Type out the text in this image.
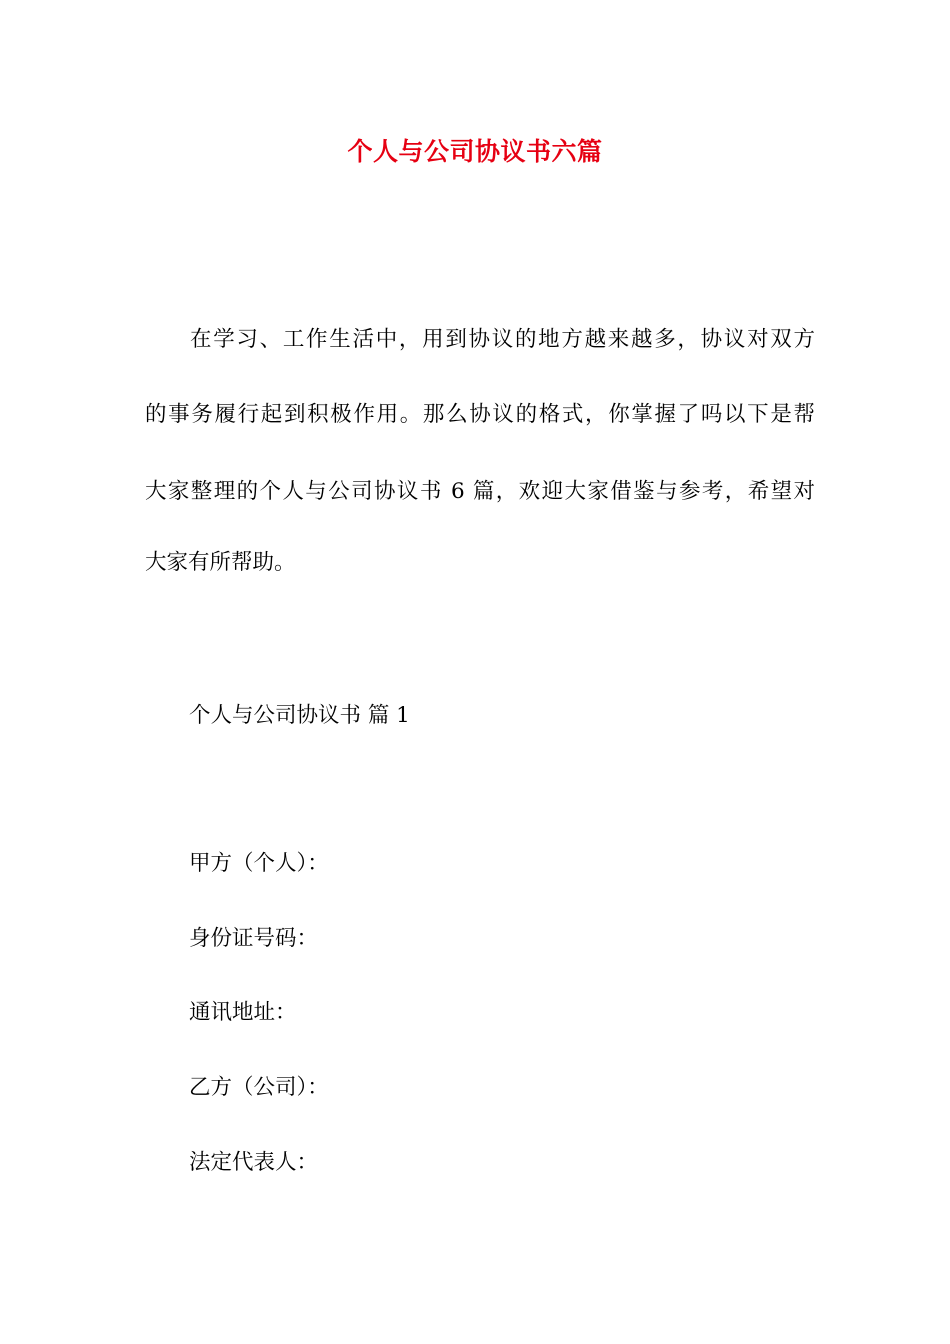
个人与公司协议书六篇
在学习、工作生活中，用到协议的地方越来越多，协议对双方
的事务履行起到积极作用。那么协议的格式，你掌握了吗以下是帮
大家整理的个人与公司协议书 6 篇，欢迎大家借鉴与参考，希望对
大家有所帮助。
个人与公司协议书 篇 1
甲方（个人）：
身份证号码：
通讯地址：
乙方（公司）：
法定代表人：
